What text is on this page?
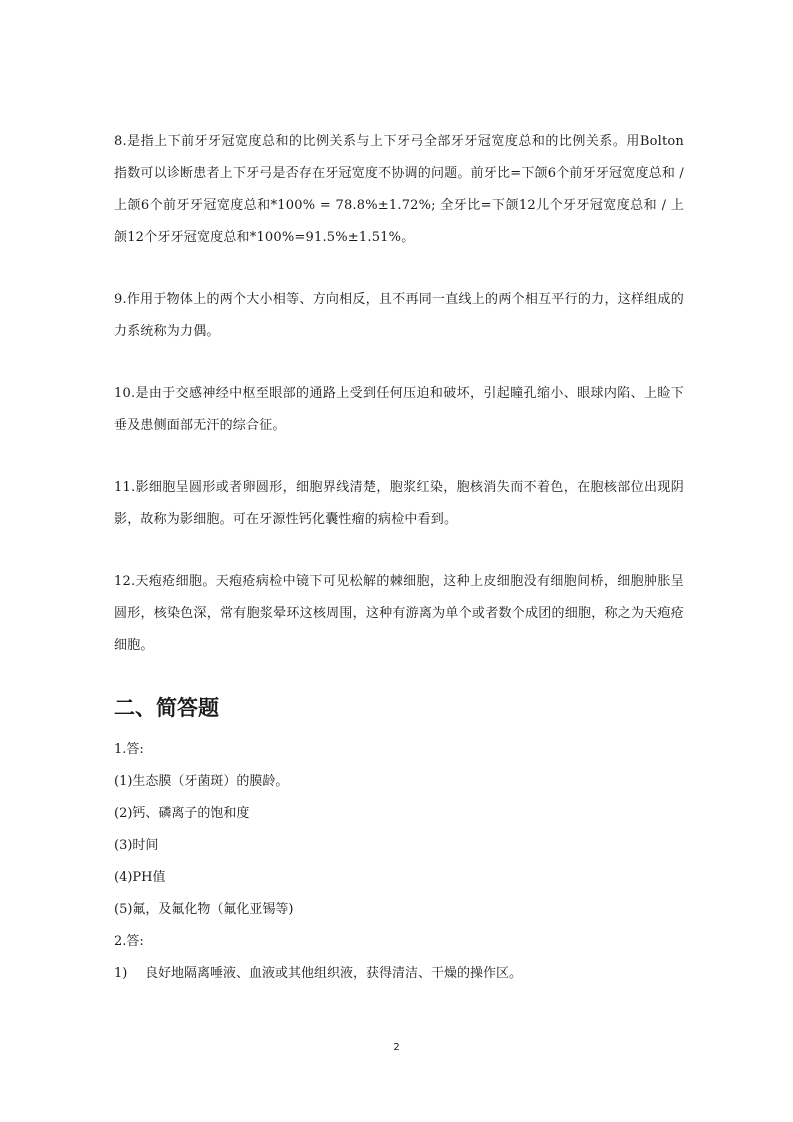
8.是指上下前牙牙冠宽度总和的比例关系与上下牙弓全部牙牙冠宽度总和的比例关系。用Bolton指数可以诊断患者上下牙弓是否存在牙冠宽度不协调的问题。前牙比=下颌6个前牙牙冠宽度总和 / 上颌6个前牙牙冠宽度总和*100% = 78.8%±1.72%; 全牙比=下颌12儿个牙牙冠宽度总和 / 上颌12个牙牙冠宽度总和*100%=91.5%±1.51%。

9.作用于物体上的两个大小相等、方向相反，且不再同一直线上的两个相互平行的力，这样组成的力系统称为力偶。

10.是由于交感神经中枢至眼部的通路上受到任何压迫和破坏，引起瞳孔缩小、眼球内陷、上睑下垂及患侧面部无汗的综合征。

11.影细胞呈圆形或者卵圆形，细胞界线清楚，胞浆红染，胞核消失而不着色，在胞核部位出现阴影，故称为影细胞。可在牙源性钙化囊性瘤的病检中看到。

12.天疱疮细胞。天疱疮病检中镜下可见松解的棘细胞，这种上皮细胞没有细胞间桥，细胞肿胀呈圆形，核染色深，常有胞浆晕环这核周围，这种有游离为单个或者数个成团的细胞，称之为天疱疮细胞。

二、简答题

1.答:

(1)生态膜（牙菌斑）的膜龄。

(2)钙、磷离子的饱和度

(3)时间

(4)PH值

(5)氟，及氟化物（氟化亚锡等)

2.答:

1) 良好地隔离唾液、血液或其他组织液，获得清洁、干燥的操作区。

2
